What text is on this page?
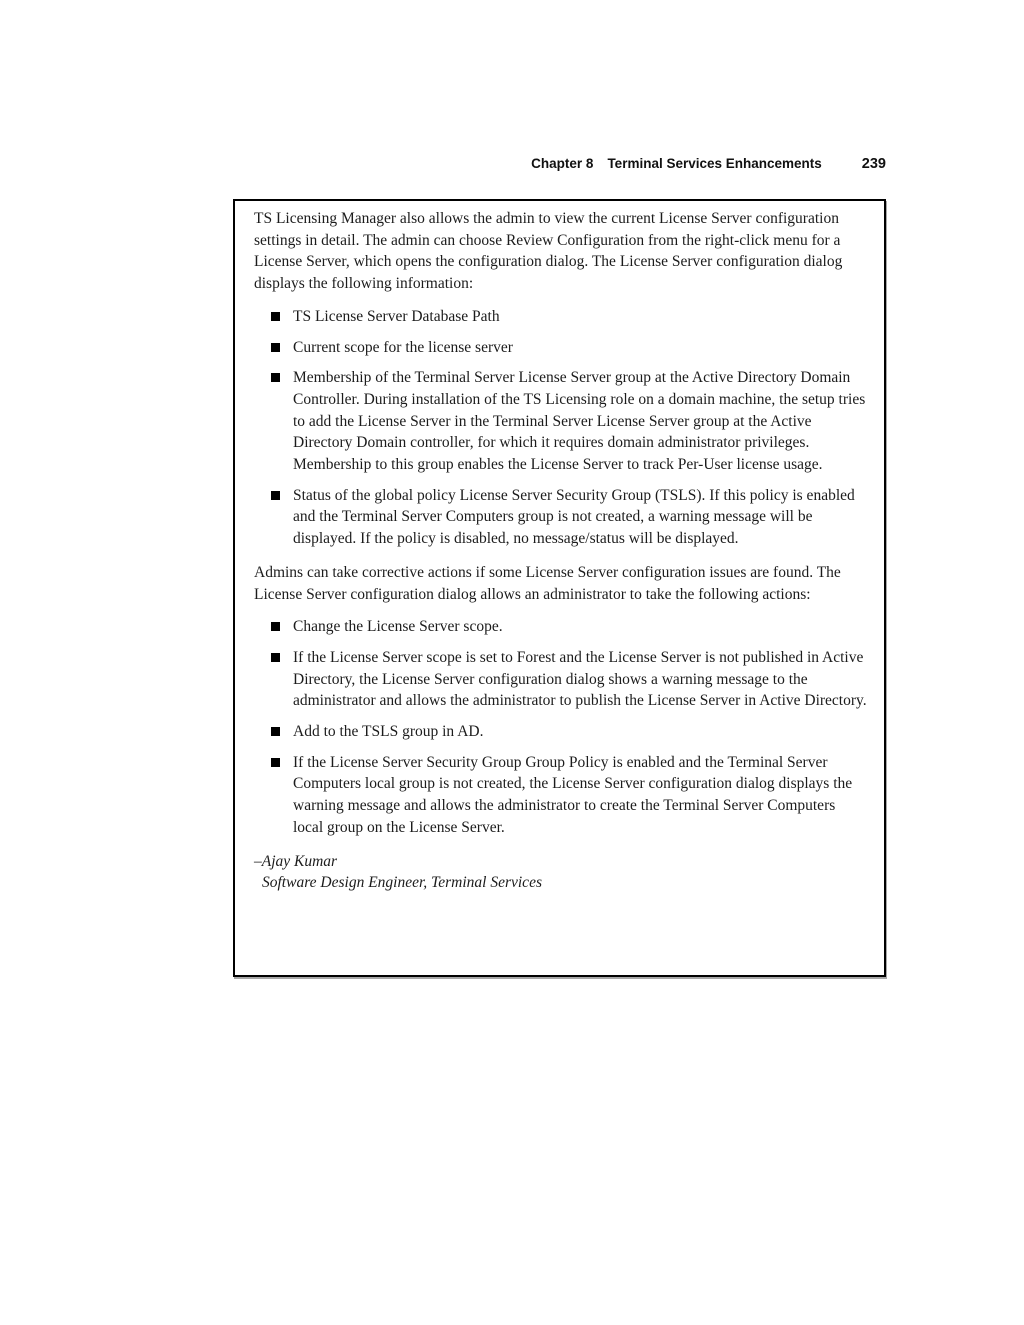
Chapter 8 Terminal Services Enhancements	239

TS Licensing Manager also allows the admin to view the current License Server configuration settings in detail. The admin can choose Review Configuration from the right-click menu for a License Server, which opens the configuration dialog. The License Server configuration dialog displays the following information:

TS License Server Database Path
Current scope for the license server
Membership of the Terminal Server License Server group at the Active Directory Domain Controller. During installation of the TS Licensing role on a domain machine, the setup tries to add the License Server in the Terminal Server License Server group at the Active Directory Domain controller, for which it requires domain administrator privileges. Membership to this group enables the License Server to track Per-User license usage.
Status of the global policy License Server Security Group (TSLS). If this policy is enabled and the Terminal Server Computers group is not created, a warning message will be displayed. If the policy is disabled, no message/status will be displayed.

Admins can take corrective actions if some License Server configuration issues are found. The License Server configuration dialog allows an administrator to take the following actions:

Change the License Server scope.
If the License Server scope is set to Forest and the License Server is not published in Active Directory, the License Server configuration dialog shows a warning message to the administrator and allows the administrator to publish the License Server in Active Directory.
Add to the TSLS group in AD.
If the License Server Security Group Group Policy is enabled and the Terminal Server Computers local group is not created, the License Server configuration dialog displays the warning message and allows the administrator to create the Terminal Server Computers local group on the License Server.
–Ajay Kumar
Software Design Engineer, Terminal Services
